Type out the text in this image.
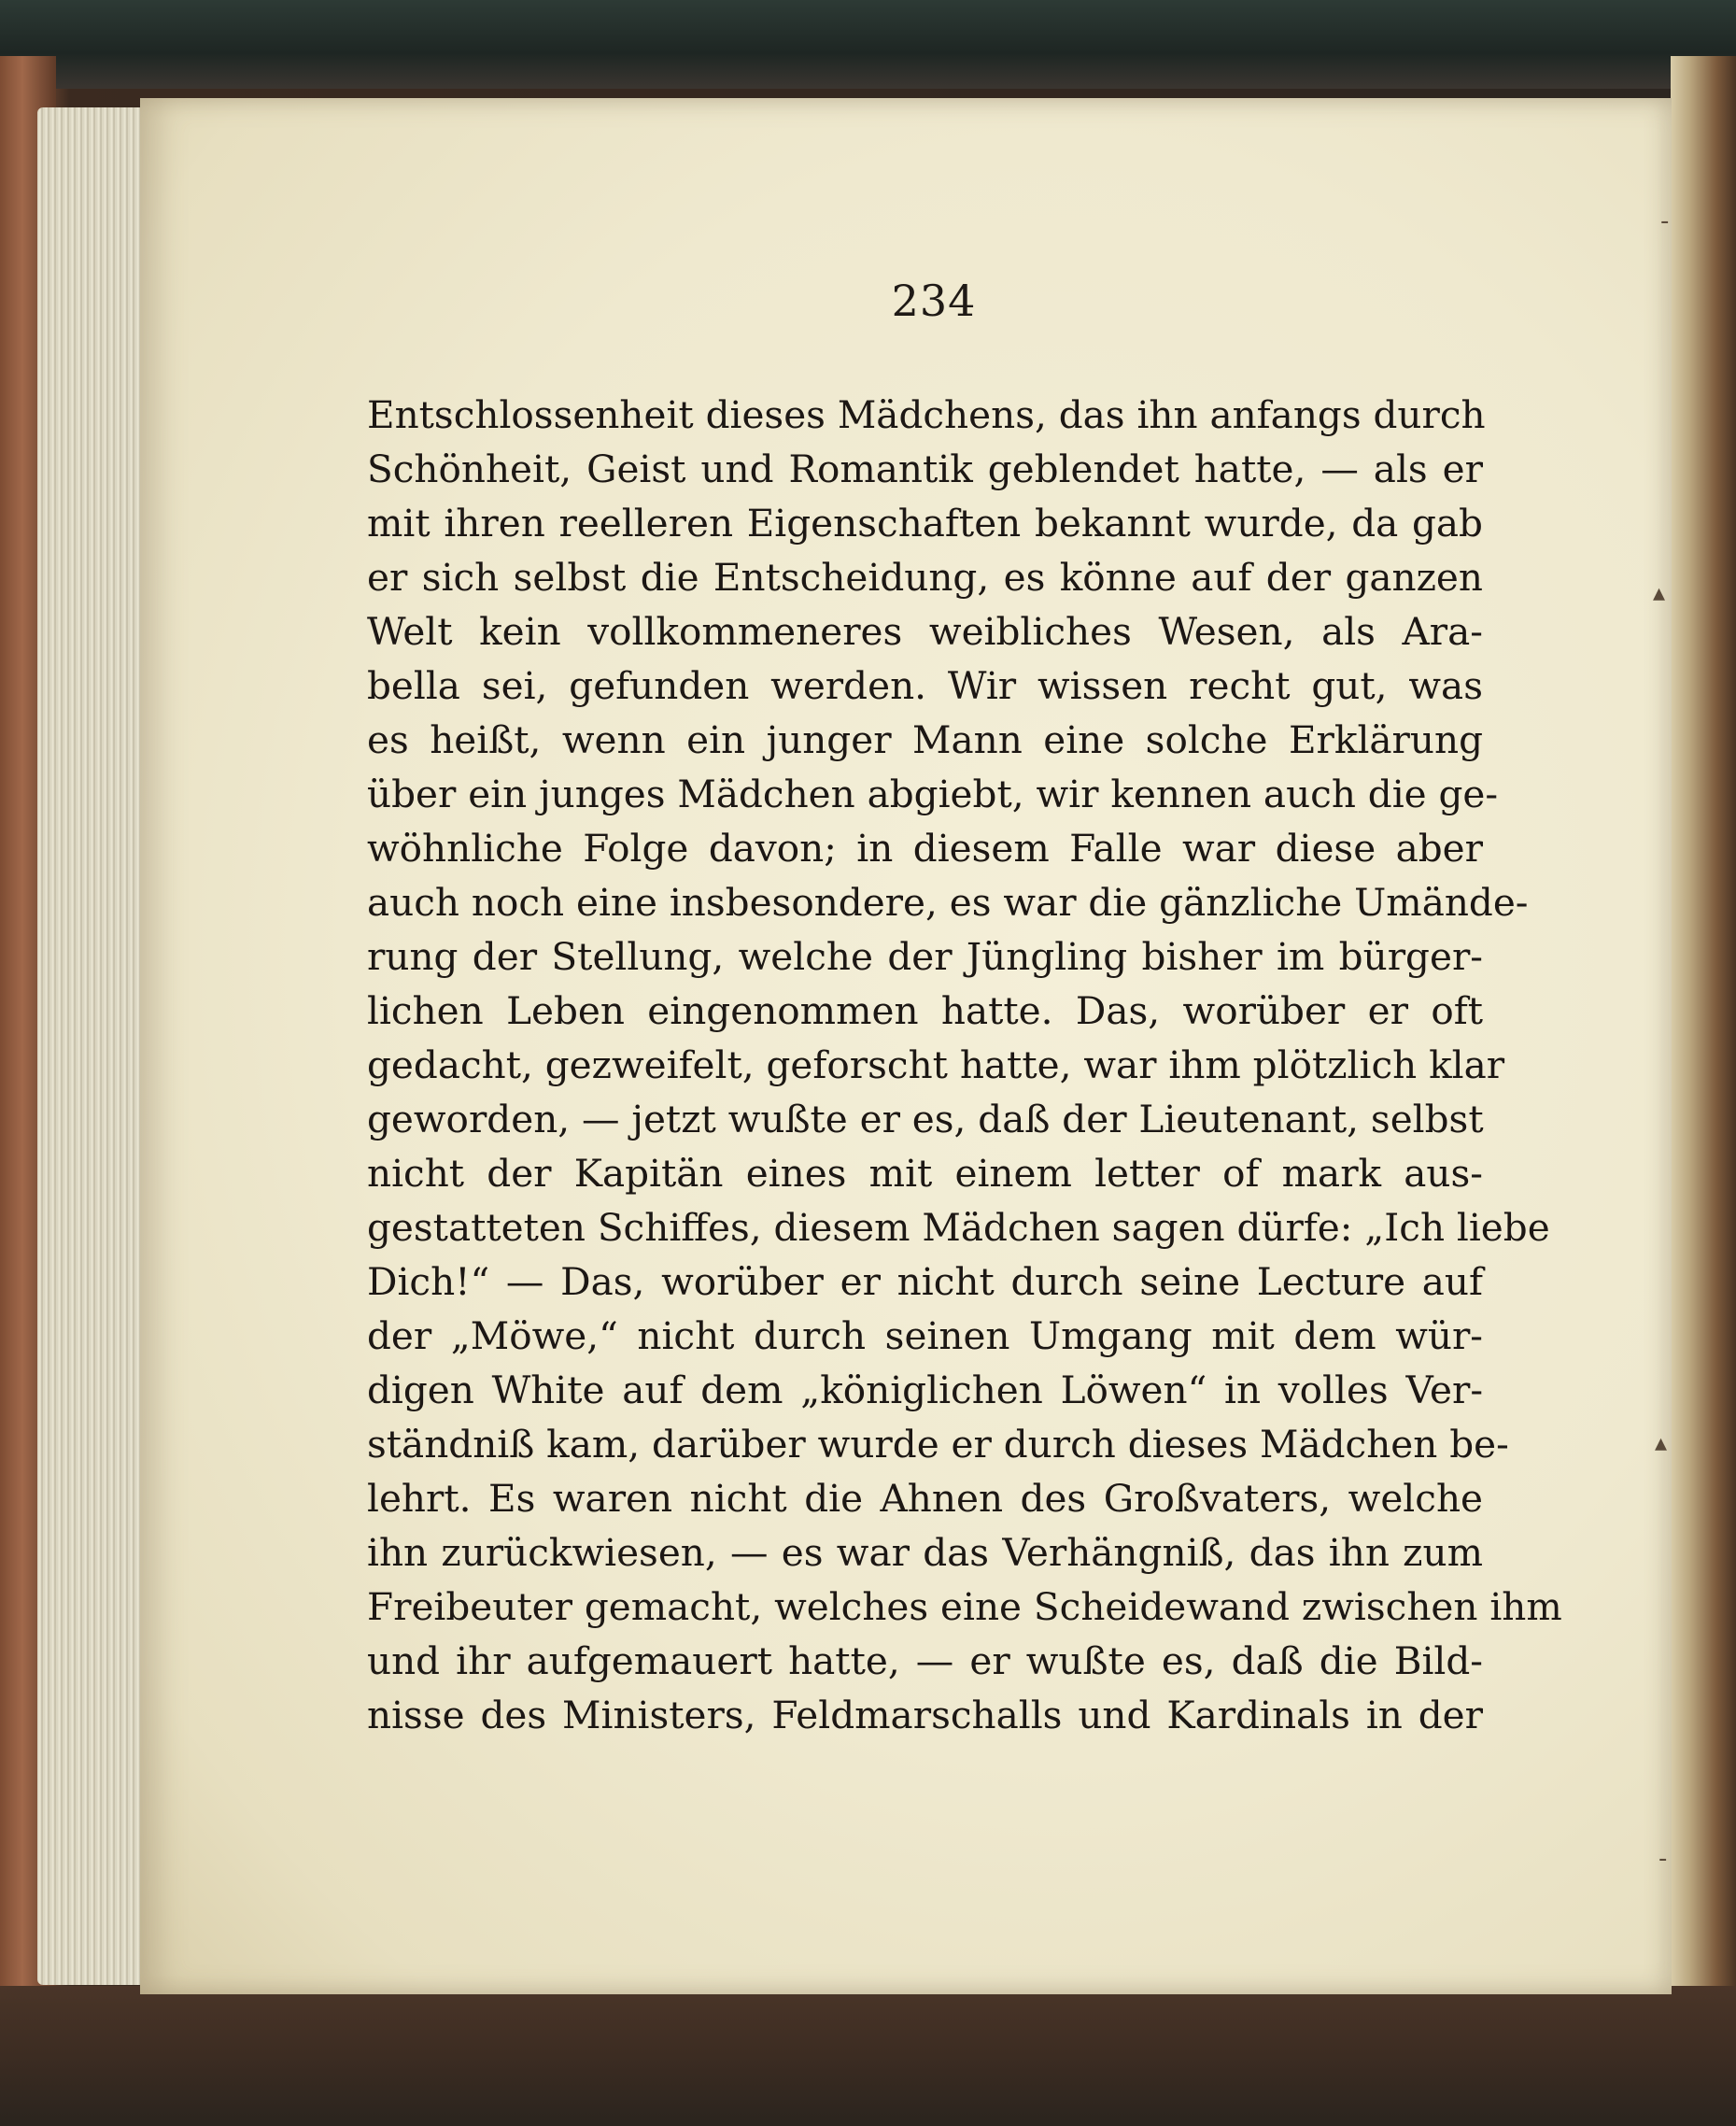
‑
▴
▴
‑
234
Entschlossenheit dieses Mädchens, das ihn anfangs durch
Schönheit, Geist und Romantik geblendet hatte, — als er
mit ihren reelleren Eigenschaften bekannt wurde, da gab
er sich selbst die Entscheidung, es könne auf der ganzen
Welt kein vollkommeneres weibliches Wesen, als Ara-
bella sei, gefunden werden. Wir wissen recht gut, was
es heißt, wenn ein junger Mann eine solche Erklärung
über ein junges Mädchen abgiebt, wir kennen auch die ge-
wöhnliche Folge davon; in diesem Falle war diese aber
auch noch eine insbesondere, es war die gänzliche Umände-
rung der Stellung, welche der Jüngling bisher im bürger-
lichen Leben eingenommen hatte. Das, worüber er oft
gedacht, gezweifelt, geforscht hatte, war ihm plötzlich klar
geworden, — jetzt wußte er es, daß der Lieutenant, selbst
nicht der Kapitän eines mit einem letter of mark aus-
gestatteten Schiffes, diesem Mädchen sagen dürfe: „Ich liebe
Dich!“ — Das, worüber er nicht durch seine Lecture auf
der „Möwe,“ nicht durch seinen Umgang mit dem wür-
digen White auf dem „königlichen Löwen“ in volles Ver-
ständniß kam, darüber wurde er durch dieses Mädchen be-
lehrt. Es waren nicht die Ahnen des Großvaters, welche
ihn zurückwiesen, — es war das Verhängniß, das ihn zum
Freibeuter gemacht, welches eine Scheidewand zwischen ihm
und ihr aufgemauert hatte, — er wußte es, daß die Bild-
nisse des Ministers, Feldmarschalls und Kardinals in der
